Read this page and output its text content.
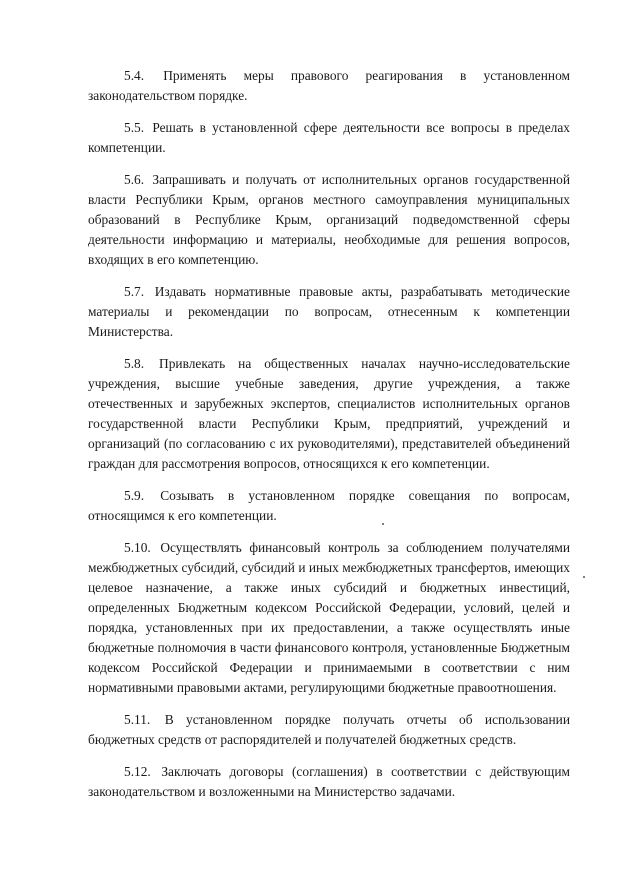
5.4. Применять меры правового реагирования в установленном законодательством порядке.

5.5. Решать в установленной сфере деятельности все вопросы в пределах компетенции.

5.6. Запрашивать и получать от исполнительных органов государственной власти Республики Крым, органов местного самоуправления муниципальных образований в Республике Крым, организаций подведомственной сферы деятельности информацию и материалы, необходимые для решения вопросов, входящих в его компетенцию.

5.7. Издавать нормативные правовые акты, разрабатывать методические материалы и рекомендации по вопросам, отнесенным к компетенции Министерства.

5.8. Привлекать на общественных началах научно-исследовательские учреждения, высшие учебные заведения, другие учреждения, а также отечественных и зарубежных экспертов, специалистов исполнительных органов государственной власти Республики Крым, предприятий, учреждений и организаций (по согласованию с их руководителями), представителей объединений граждан для рассмотрения вопросов, относящихся к его компетенции.

5.9. Созывать в установленном порядке совещания по вопросам, относящимся к его компетенции.

5.10. Осуществлять финансовый контроль за соблюдением получателями межбюджетных субсидий, субсидий и иных межбюджетных трансфертов, имеющих целевое назначение, а также иных субсидий и бюджетных инвестиций, определенных Бюджетным кодексом Российской Федерации, условий, целей и порядка, установленных при их предоставлении, а также осуществлять иные бюджетные полномочия в части финансового контроля, установленные Бюджетным кодексом Российской Федерации и принимаемыми в соответствии с ним нормативными правовыми актами, регулирующими бюджетные правоотношения.

5.11. В установленном порядке получать отчеты об использовании бюджетных средств от распорядителей и получателей бюджетных средств.

5.12. Заключать договоры (соглашения) в соответствии с действующим законодательством и возложенными на Министерство задачами.
